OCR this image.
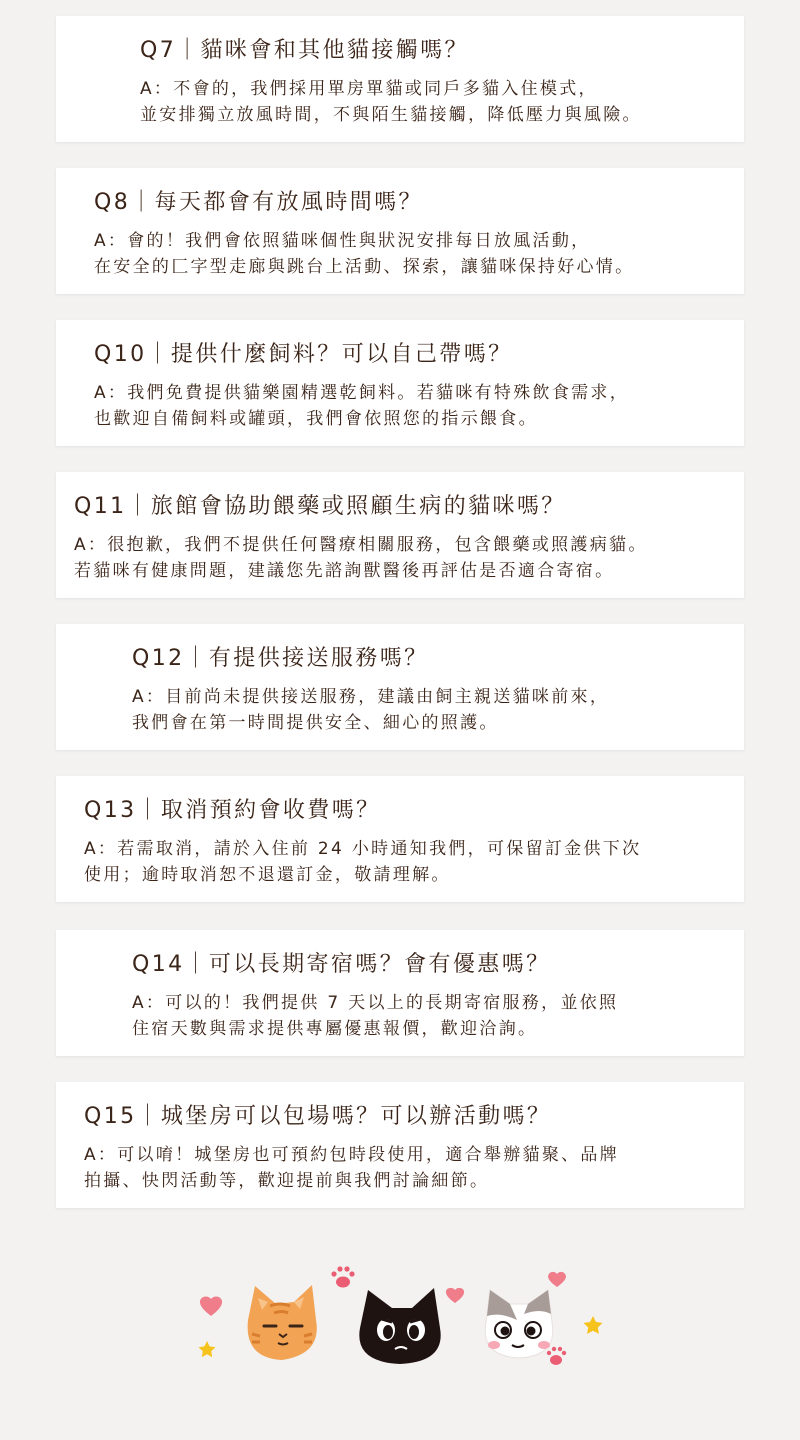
Q7｜貓咪會和其他貓接觸嗎？

A：不會的，我們採用單房單貓或同戶多貓入住模式，
並安排獨立放風時間，不與陌生貓接觸，降低壓力與風險。

Q8｜每天都會有放風時間嗎？

A：會的！我們會依照貓咪個性與狀況安排每日放風活動，
在安全的匚字型走廊與跳台上活動、探索，讓貓咪保持好心情。

Q10｜提供什麼飼料？可以自己帶嗎？

A：我們免費提供貓樂園精選乾飼料。若貓咪有特殊飲食需求，
也歡迎自備飼料或罐頭，我們會依照您的指示餵食。

Q11｜旅館會協助餵藥或照顧生病的貓咪嗎？

A：很抱歉，我們不提供任何醫療相關服務，包含餵藥或照護病貓。
若貓咪有健康問題，建議您先諮詢獸醫後再評估是否適合寄宿。

Q12｜有提供接送服務嗎？

A：目前尚未提供接送服務，建議由飼主親送貓咪前來，
我們會在第一時間提供安全、細心的照護。

Q13｜取消預約會收費嗎？

A：若需取消，請於入住前 24 小時通知我們，可保留訂金供下次
使用；逾時取消恕不退還訂金，敬請理解。

Q14｜可以長期寄宿嗎？會有優惠嗎？

A：可以的！我們提供 7 天以上的長期寄宿服務，並依照
住宿天數與需求提供專屬優惠報價，歡迎洽詢。

Q15｜城堡房可以包場嗎？可以辦活動嗎？

A：可以唷！城堡房也可預約包時段使用，適合舉辦貓聚、品牌
拍攝、快閃活動等，歡迎提前與我們討論細節。
